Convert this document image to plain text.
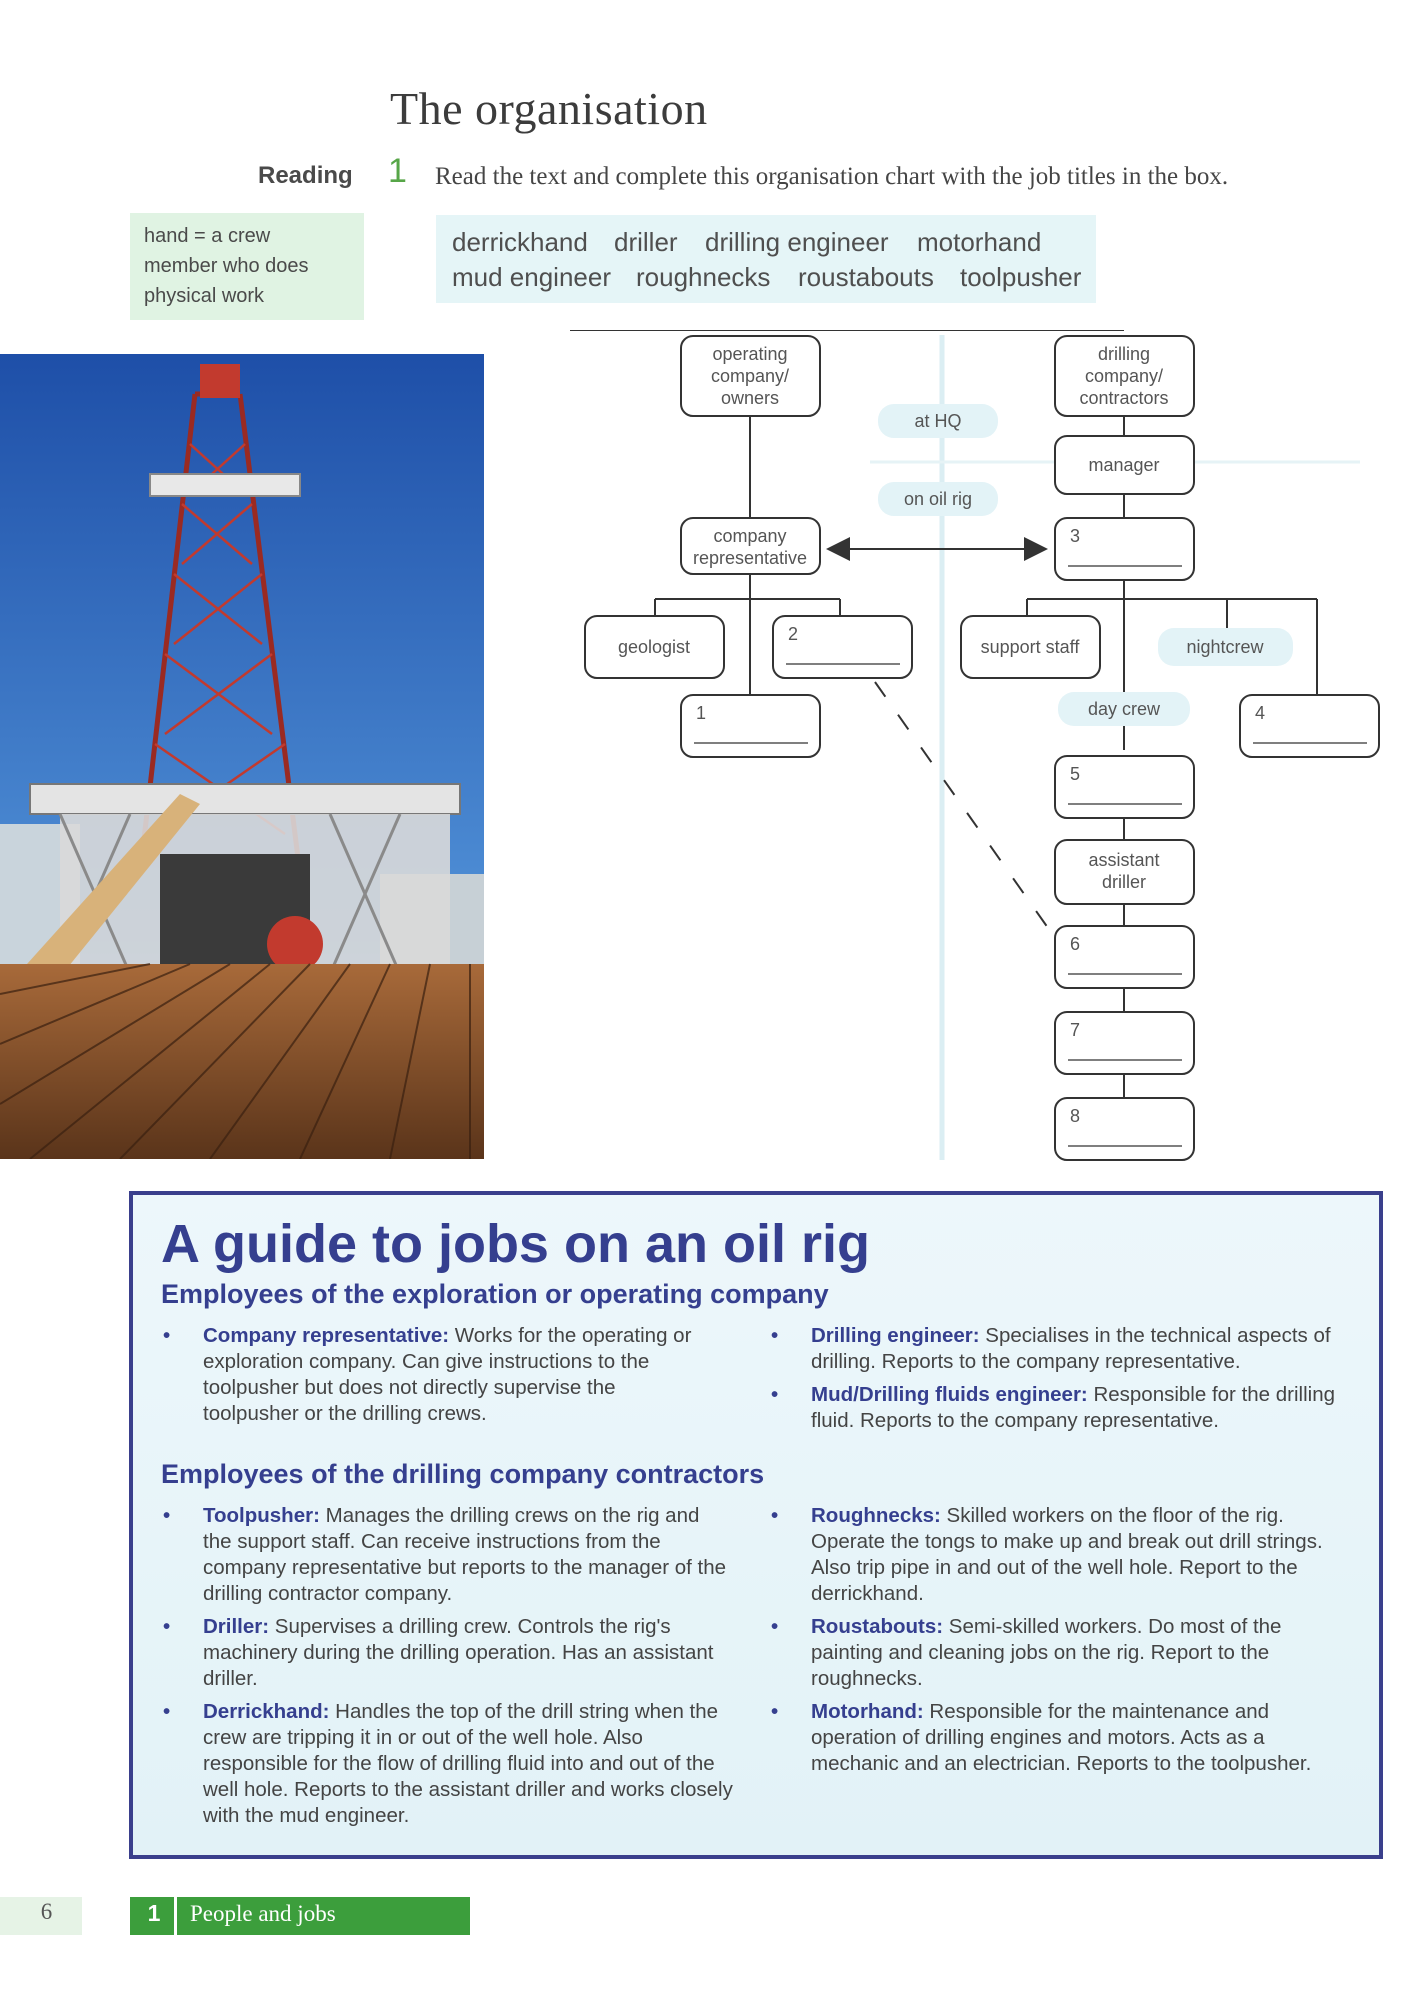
The organisation
Reading 1 Read the text and complete this organisation chart with the job titles in the box.
hand = a crew
member who does
physical work
derrickhand driller drilling engineer motorhand
mud engineer roughnecks roustabouts toolpusher
operating
company/
owners
company
representative
geologist
2
1
at HQ
on oil rig
drilling
company/
contractors
manager
3
support staff	nightcrew
day crew	4
5
assistant
driller
6
7
8
A guide to jobs on an oil rig
Employees of the exploration or operating company
• Company representative: Works for the operating or exploration company. Can give instructions to the toolpusher but does not directly supervise the toolpusher or the drilling crews.
• Drilling engineer: Specialises in the technical aspects of drilling. Reports to the company representative.
• Mud/Drilling fluids engineer: Responsible for the drilling fluid. Reports to the company representative.
Employees of the drilling company contractors
• Toolpusher: Manages the drilling crews on the rig and the support staff. Can receive instructions from the company representative but reports to the manager of the drilling contractor company.
• Driller: Supervises a drilling crew. Controls the rig's machinery during the drilling operation. Has an assistant driller.
• Derrickhand: Handles the top of the drill string when the crew are tripping it in or out of the well hole. Also responsible for the flow of drilling fluid into and out of the well hole. Reports to the assistant driller and works closely with the mud engineer.
• Roughnecks: Skilled workers on the floor of the rig. Operate the tongs to make up and break out drill strings. Also trip pipe in and out of the well hole. Report to the derrickhand.
• Roustabouts: Semi-skilled workers. Do most of the painting and cleaning jobs on the rig. Report to the roughnecks.
• Motorhand: Responsible for the maintenance and operation of drilling engines and motors. Acts as a mechanic and an electrician. Reports to the toolpusher.
6	1	People and jobs
